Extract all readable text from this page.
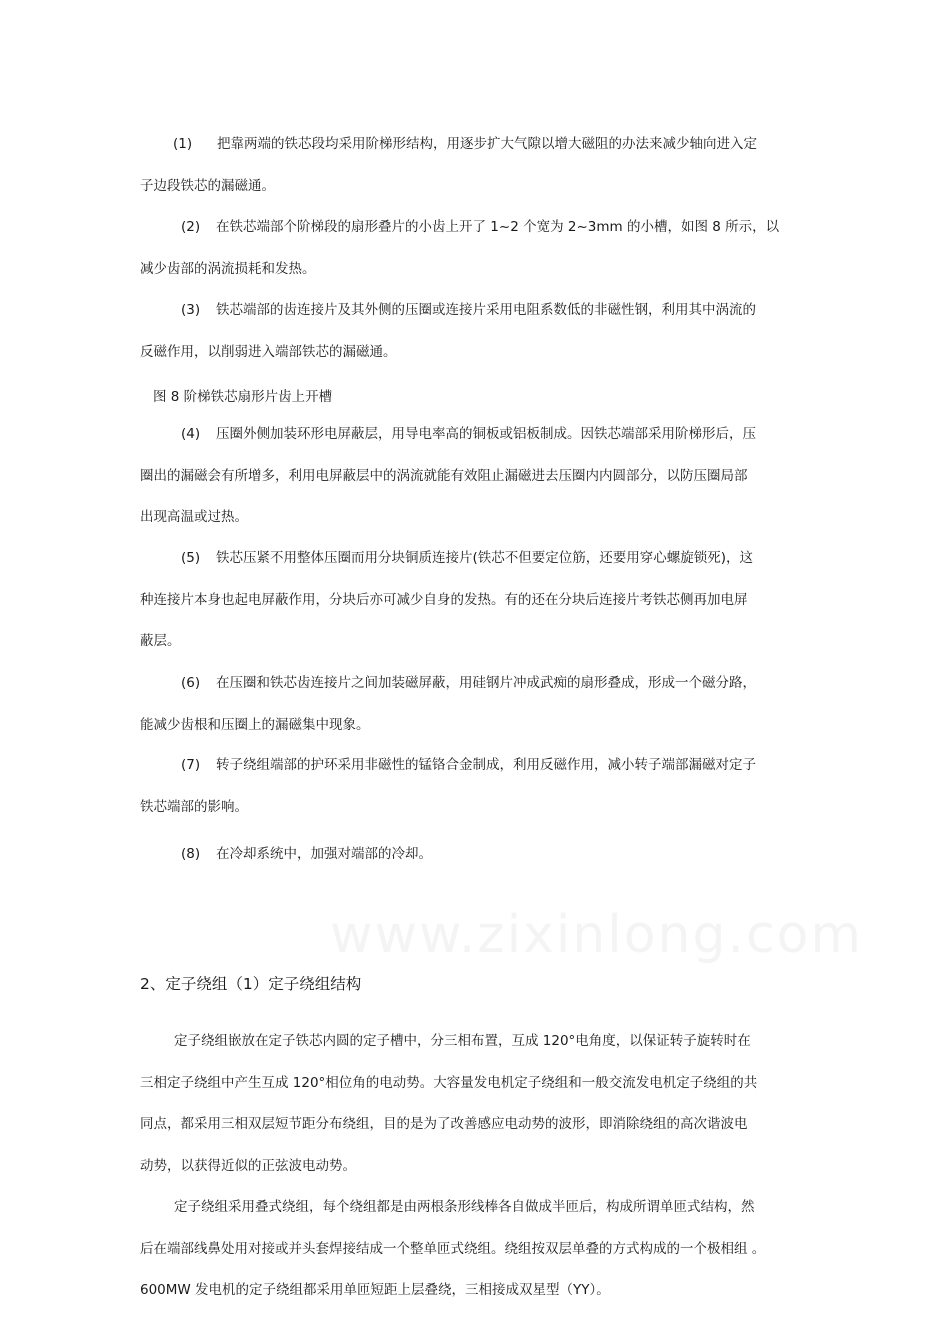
www.zixinlong.com
(1) 把靠两端的铁芯段均采用阶梯形结构，用逐步扩大气隙以增大磁阻的办法来减少轴向进入定
子边段铁芯的漏磁通。
(2) 在铁芯端部个阶梯段的扇形叠片的小齿上开了 1~2 个宽为 2~3mm 的小槽，如图 8 所示，以
减少齿部的涡流损耗和发热。
(3) 铁芯端部的齿连接片及其外侧的压圈或连接片采用电阻系数低的非磁性钢，利用其中涡流的
反磁作用，以削弱进入端部铁芯的漏磁通。
图 8 阶梯铁芯扇形片齿上开槽
(4) 压圈外侧加装环形电屏蔽层，用导电率高的铜板或铝板制成。因铁芯端部采用阶梯形后，压
圈出的漏磁会有所增多，利用电屏蔽层中的涡流就能有效阻止漏磁进去压圈内内圆部分，以防压圈局部
出现高温或过热。
(5) 铁芯压紧不用整体压圈而用分块铜质连接片(铁芯不但要定位筋，还要用穿心螺旋锁死)，这
种连接片本身也起电屏蔽作用，分块后亦可减少自身的发热。有的还在分块后连接片考铁芯侧再加电屏
蔽层。
(6) 在压圈和铁芯齿连接片之间加装磁屏蔽，用硅钢片冲成武痴的扇形叠成，形成一个磁分路，
能减少齿根和压圈上的漏磁集中现象。
(7) 转子绕组端部的护环采用非磁性的锰铬合金制成，利用反磁作用，减小转子端部漏磁对定子
铁芯端部的影响。
(8) 在冷却系统中，加强对端部的冷却。
2、定子绕组（1）定子绕组结构
定子绕组嵌放在定子铁芯内圆的定子槽中，分三相布置，互成 120°电角度，以保证转子旋转时在
三相定子绕组中产生互成 120°相位角的电动势。大容量发电机定子绕组和一般交流发电机定子绕组的共
同点，都采用三相双层短节距分布绕组，目的是为了改善感应电动势的波形，即消除绕组的高次谐波电
动势，以获得近似的正弦波电动势。
定子绕组采用叠式绕组，每个绕组都是由两根条形线棒各自做成半匝后，构成所谓单匝式结构，然
后在端部线鼻处用对接或并头套焊接结成一个整单匝式绕组。绕组按双层单叠的方式构成的一个极相组 。
600MW 发电机的定子绕组都采用单匝短距上层叠绕，三相接成双星型（YY）。
